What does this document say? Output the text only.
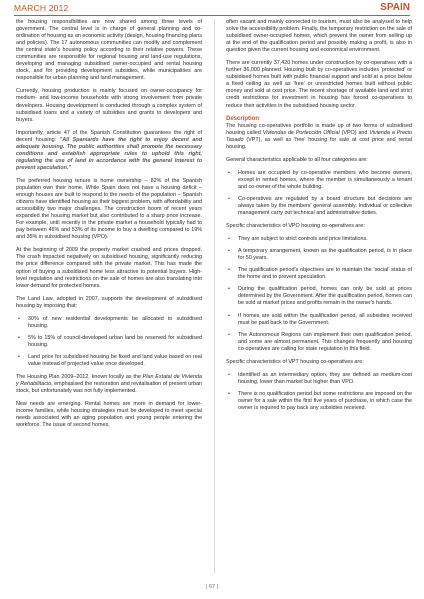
MARCH 2012	SPAIN

the housing responsibilities are now shared among three levels of government. The central level is in charge of general planning and co-ordination of housing as an economic activity (design, housing financing plans and policies). The 17 autonomous communities can modify and complement the central state's housing policy according to their relative powers. These communities are responsible for regional housing and land-use regulations, developing and managing subsidised owner-occupied and rental housing stock, and for providing development subsidies, while municipalities are responsible for urban planning and land management.

Currently, housing production is mainly focused on owner-occupancy for medium- and low-income households with strong involvement from private developers. Housing development is conducted through a complex system of subsidised loans and a variety of subsidies and grants to developers and buyers.

Importantly, article 47 of the Spanish Constitution guarantees the right of decent housing: "All Spaniards have the right to enjoy decent and adequate housing. The public authorities shall promote the necessary conditions and establish appropriate rules to uphold this right, regulating the use of land in accordance with the general interest to prevent speculation."

The preferred housing tenure is home ownership – 82% of the Spanish population own their home. While Spain does not have a housing deficit – enough houses are built to respond to the needs of the population – Spanish citizens have identified housing as their biggest problem, with affordability and accessibility two major challenges. The construction boom of recent years expanded the housing market but also contributed to a sharp price increase. For example, until recently in the private market a household typically had to pay between 46% and 53% of its income to buy a dwelling compared to 19% and 35% in subsidised housing (VPO).

At the beginning of 2009 the property market crashed and prices dropped. The crash impacted negatively on subsidised housing, significantly reducing the price difference compared with the private market. This has made the option of buying a subsidised home less attractive to potential buyers. High-level regulation and restrictions on the sale of homes are also translating into lower demand for protected homes.

The Land Law, adopted in 2007, supports the development of subsidised housing by imposing that:

• 30% of new residential developments be allocated to subsidised housing.
• 5% to 15% of council-developed urban land be reserved for subsidised housing.
• Land price for subsidised housing be fixed and land value based on real value instead of projected value once developed.

The Housing Plan 2009–2012, known locally as the Plan Estatal de Vivienda y Rehabilitacio, emphasised the restoration and revitalisation of present urban stock, but unfortunately was not fully implemented.

New needs are emerging. Rental homes are more in demand for lower-income families, while housing strategies must be developed to meet special needs associated with an aging population and young people entering the workforce. The issue of second homes,

often vacant and mainly connected to tourism, must also be analysed to help solve the accessibility problem. Finally, the temporary restriction on the sale of subsidised owner-occupied homes, which prevent the owner from selling up at the end of the qualification period and possibly making a profit, is also in question given the current housing and economical environment.

There are currently 37,420 homes under construction by co-operatives with a further 36,000 planned. Housing built by co-operatives includes 'protected' or subsidised homes built with public financial support and sold at a price below a fixed ceiling as well as 'free' or unrestricted homes built without public money and sold at cost price. The recent shortage of available land and strict credit restrictions for investment in housing has forced co-operatives to reduce their activities in the subsidised housing sector.

Description

The housing co-operatives portfolio is made up of two forms of subsidised housing called Viviendas de Portección Official (VPO) and Vivienda a Precio Tasado (VPT), as well as 'free' housing for sale at cost price and rental housing.

General characteristics applicable to all four categories are:

• Homes are occupied by co-operative members who become owners, except in rented homes, where the member is simultaneously a tenant and co-owner of the whole building.
• Co-operatives are regulated by a board structure but decisions are always taken by the members' general assembly. Individual or collective management carry out technical and administrative duties.

Specific characteristics of VPO housing co-operatives are:

• They are subject to strict controls and price limitations.
• A temporary arrangement, known as the qualification period, is in place for 50 years.
• The qualification period's objectives are to maintain the 'social' status of the home and to prevent speculation.
• During the qualification period, homes can only be sold at prices determined by the Government. After the qualification period, homes can be sold at market prices and profits remain in the owner's hands.
• If homes are sold within the qualification period, all subsidies received must be paid back to the Government.
• The Autonomous Regions can implement their own qualification period, and some are almost permanent. This changes frequently and housing co-operatives are calling for state regulation in this field.

Specific characteristics of VPT housing co-operatives are:

• Identified as an intermediary option, they are defined as medium-cost housing, lower than market but higher than VPO.
• There is no qualification period but some restrictions are imposed on the owner for a sale within the first five years of purchase, in which case the owner is required to pay back any subsidies received.
| 67 |
